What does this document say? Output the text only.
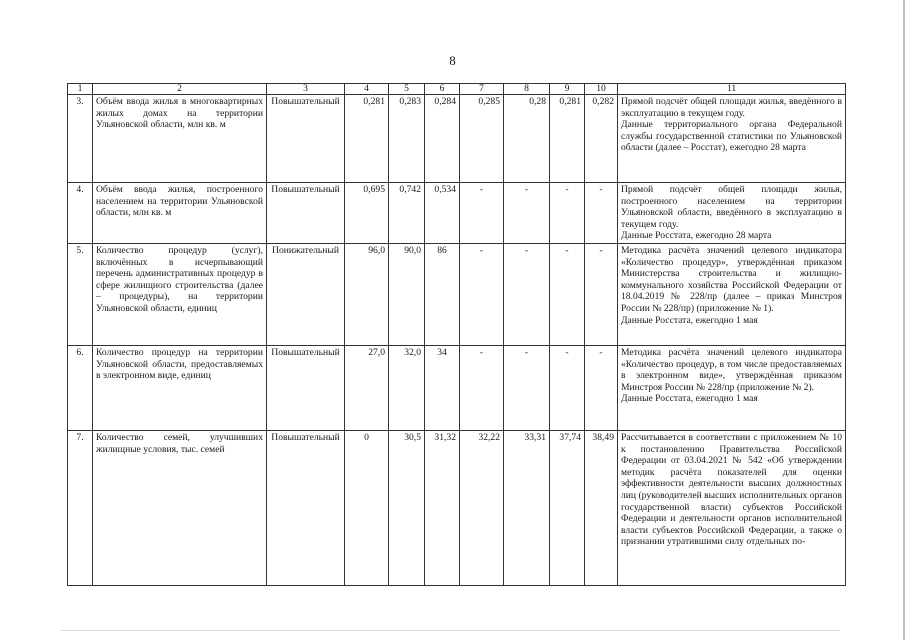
8
1	2	3	4	5	6	7	8	9	10	11
3.	Объём ввода жилья в многоквартирных жилых домах на территории Ульяновской области, млн кв. м	Повышательный	0,281	0,283	0,284	0,285	0,28	0,281	0,282	Прямой подсчёт общей площади жилья, введённого в эксплуатацию в текущем году.
Данные территориального органа Федеральной службы государственной статистики по Ульяновской области (далее – Росстат), ежегодно 28 марта

4.	Объём ввода жилья, построенного населением на территории Ульяновской области, млн кв. м	Повышательный	0,695	0,742	0,534	-	-	-	-	Прямой подсчёт общей площади жилья, построенного населением на территории Ульяновской области, введённого в эксплуатацию в текущем году.
Данные Росстата, ежегодно 28 марта

5.	Количество процедур (услуг), включённых в исчерпывающий перечень административных процедур в сфере жилищного строительства (далее – процедуры), на территории Ульяновской области, единиц	Понижательный	96,0	90,0	86	-	-	-	-	Методика расчёта значений целевого индикатора «Количество процедур», утверждённая приказом Министерства строительства и жилищно-коммунального хозяйства Российской Федерации от 18.04.2019 № 228/пр (далее – приказ Минстроя России № 228/пр) (приложение № 1).
Данные Росстата, ежегодно 1 мая

6.	Количество процедур на территории Ульяновской области, предоставляемых в электронном виде, единиц	Повышательный	27,0	32,0	34	-	-	-	-	Методика расчёта значений целевого индикатора «Количество процедур, в том числе предоставляемых в электронном виде», утверждённая приказом Минстроя России № 228/пр (приложение № 2).
Данные Росстата, ежегодно 1 мая

7.	Количество семей, улучшивших жилищные условия, тыс. семей	Повышательный	0	30,5	31,32	32,22	33,31	37,74	38,49	Рассчитывается в соответствии с приложением № 10 к постановлению Правительства Российской Федерации от 03.04.2021 № 542 «Об утверждении методик расчёта показателей для оценки эффективности деятельности высших должностных лиц (руководителей высших исполнительных органов государственной власти) субъектов Российской Федерации и деятельности органов исполнительной власти субъектов Российской Федерации, а также о признании утратившими силу отдельных по-
